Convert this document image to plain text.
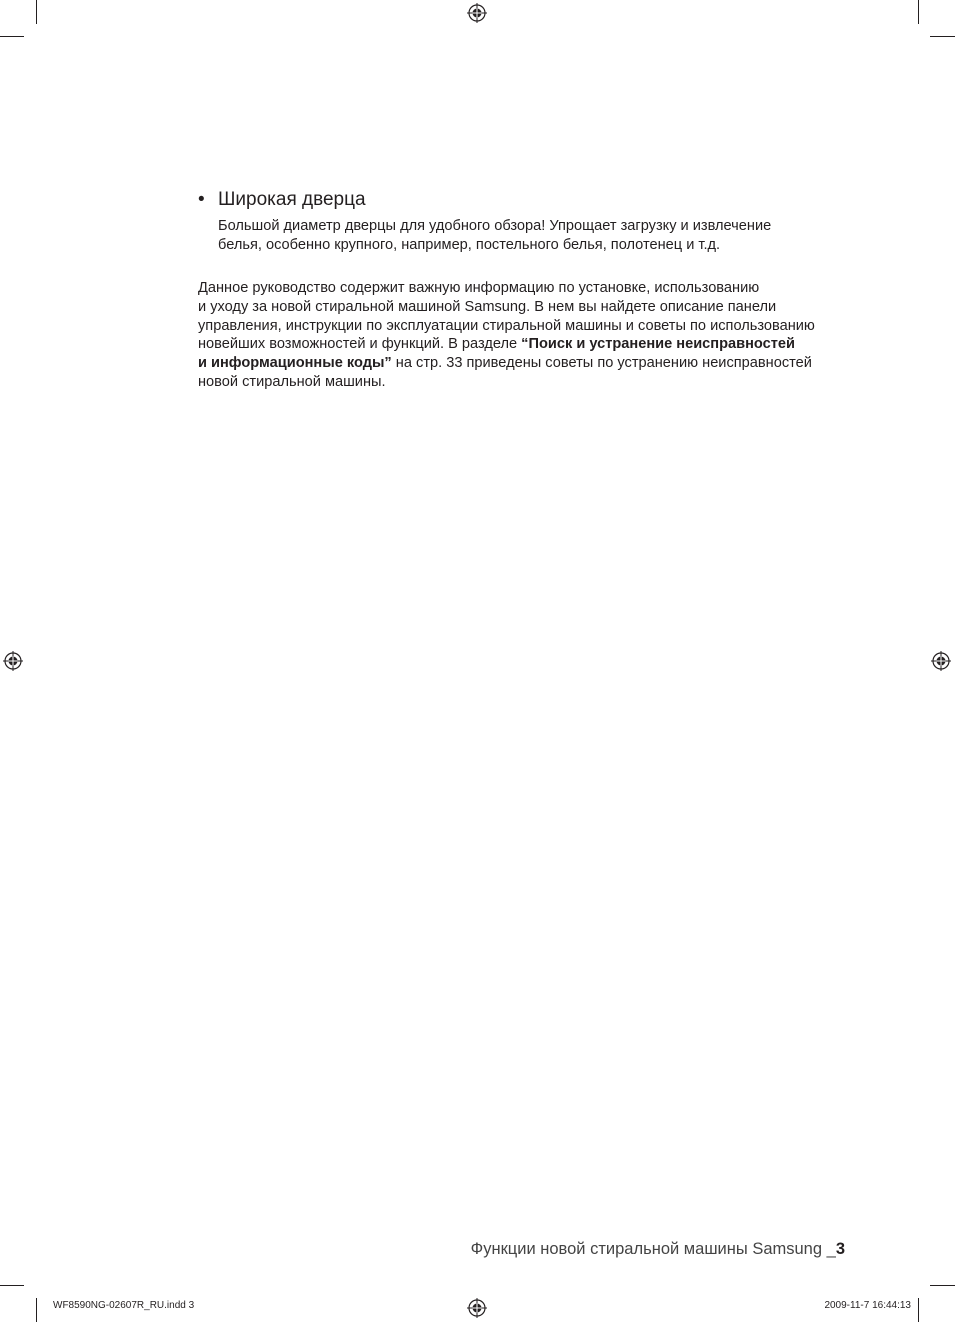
• Широкая дверца
Большой диаметр дверцы для удобного обзора! Упрощает загрузку и извлечение
белья, особенно крупного, например, постельного белья, полотенец и т.д.
Данное руководство содержит важную информацию по установке, использованию
и уходу за новой стиральной машиной Samsung. В нем вы найдете описание панели
управления, инструкции по эксплуатации стиральной машины и советы по использованию
новейших возможностей и функций. В разделе “Поиск и устранение неисправностей
и информационные коды” на стр. 33 приведены советы по устранению неисправностей
новой стиральной машины.
Функции новой стиральной машины Samsung _3
WF8590NG-02607R_RU.indd 3	2009-11-7 16:44:13
